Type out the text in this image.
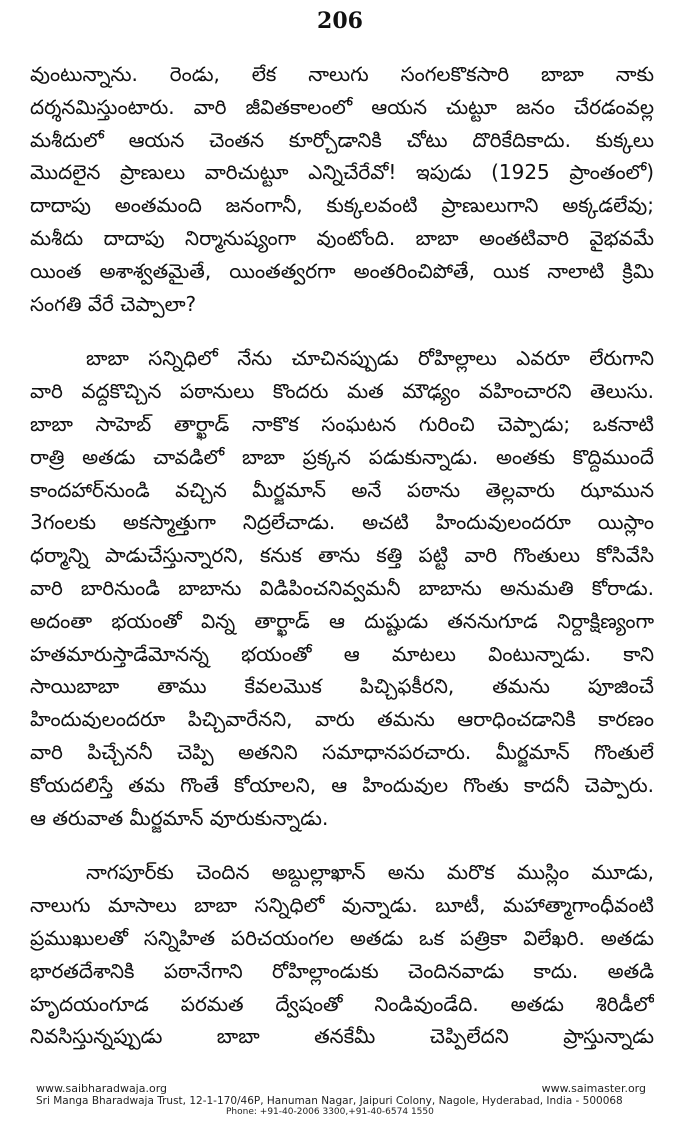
206
వుంటున్నాను. రెండు, లేక నాలుగు సంగలకొకసారి బాబా నాకు
దర్శనమిస్తుంటారు. వారి జీవితకాలంలో ఆయన చుట్టూ జనం చేరడంవల్ల
మశీదులో ఆయన చెంతన కూర్చోడానికి చోటు దొరికేదికాదు. కుక్కలు
మొదలైన ప్రాణులు వారిచుట్టూ ఎన్నిచేరేవో! ఇపుడు (1925 ప్రాంతంలో)
దాదాపు అంతమంది జనంగానీ, కుక్కలవంటి ప్రాణులుగాని అక్కడలేవు;
మశీదు దాదాపు నిర్మానుష్యంగా వుంటోంది. బాబా అంతటివారి వైభవమే
యింత అశాశ్వతమైతే, యింతత్వరగా అంతరించిపోతే, యిక నాలాటి క్రిమి
సంగతి వేరే చెప్పాలా?
బాబా సన్నిధిలో నేను చూచినప్పుడు రోహిల్లాలు ఎవరూ లేరుగాని
వారి వద్దకొచ్చిన పఠానులు కొందరు మత మౌఢ్యం వహించారని తెలుసు.
బాబా సాహెబ్ తార్ఖాడ్ నాకొక సంఘటన గురించి చెప్పాడు; ఒకనాటి
రాత్రి అతడు చావడిలో బాబా ప్రక్కన పడుకున్నాడు. అంతకు కొద్దిముందే
కాందహార్‌నుండి వచ్చిన మీర్జమాన్ అనే పఠాను తెల్లవారు ఝామున
3గంలకు అకస్మాత్తుగా నిద్రలేచాడు. అచటి హిందువులందరూ యిస్లాం
ధర్మాన్ని పాడుచేస్తున్నారని, కనుక తాను కత్తి పట్టి వారి గొంతులు కోసివేసి
వారి బారినుండి బాబాను విడిపించనివ్వమనీ బాబాను అనుమతి కోరాడు.
అదంతా భయంతో విన్న తార్ఖాడ్ ఆ దుష్టుడు తననుగూడ నిర్దాక్షిణ్యంగా
హతమారుస్తాడేమోనన్న భయంతో ఆ మాటలు వింటున్నాడు. కాని
సాయిబాబా తాము కేవలమొక పిచ్చిఫకీరని, తమను పూజించే
హిందువులందరూ పిచ్చివారేనని, వారు తమను ఆరాధించడానికి కారణం
వారి పిచ్చేననీ చెప్పి అతనిని సమాధానపరచారు. మీర్జమాన్ గొంతులే
కోయదలిస్తే తమ గొంతే కోయాలని, ఆ హిందువుల గొంతు కాదనీ చెప్పారు.
ఆ తరువాత మీర్జమాన్ వూరుకున్నాడు.
నాగపూర్‌కు చెందిన అబ్దుల్లాఖాన్ అను మరొక ముస్లిం మూడు,
నాలుగు మాసాలు బాబా సన్నిధిలో వున్నాడు. బూటీ, మహాత్మాగాంధీవంటి
ప్రముఖులతో సన్నిహిత పరిచయంగల అతడు ఒక పత్రికా విలేఖరి. అతడు
భారతదేశానికి పఠానేగాని రోహిల్లాండుకు చెందినవాడు కాదు. అతడి
హృదయంగూడ పరమత ద్వేషంతో నిండివుండేది. అతడు శిరిడీలో
నివసిస్తున్నప్పుడు బాబా తనకేమీ చెప్పిలేదని ప్రాస్తున్నాడు
www.saibharadwaja.org	www.saimaster.org
Sri Manga Bharadwaja Trust, 12-1-170/46P, Hanuman Nagar, Jaipuri Colony, Nagole, Hyderabad, India - 500068
Phone: +91-40-2006 3300,+91-40-6574 1550
